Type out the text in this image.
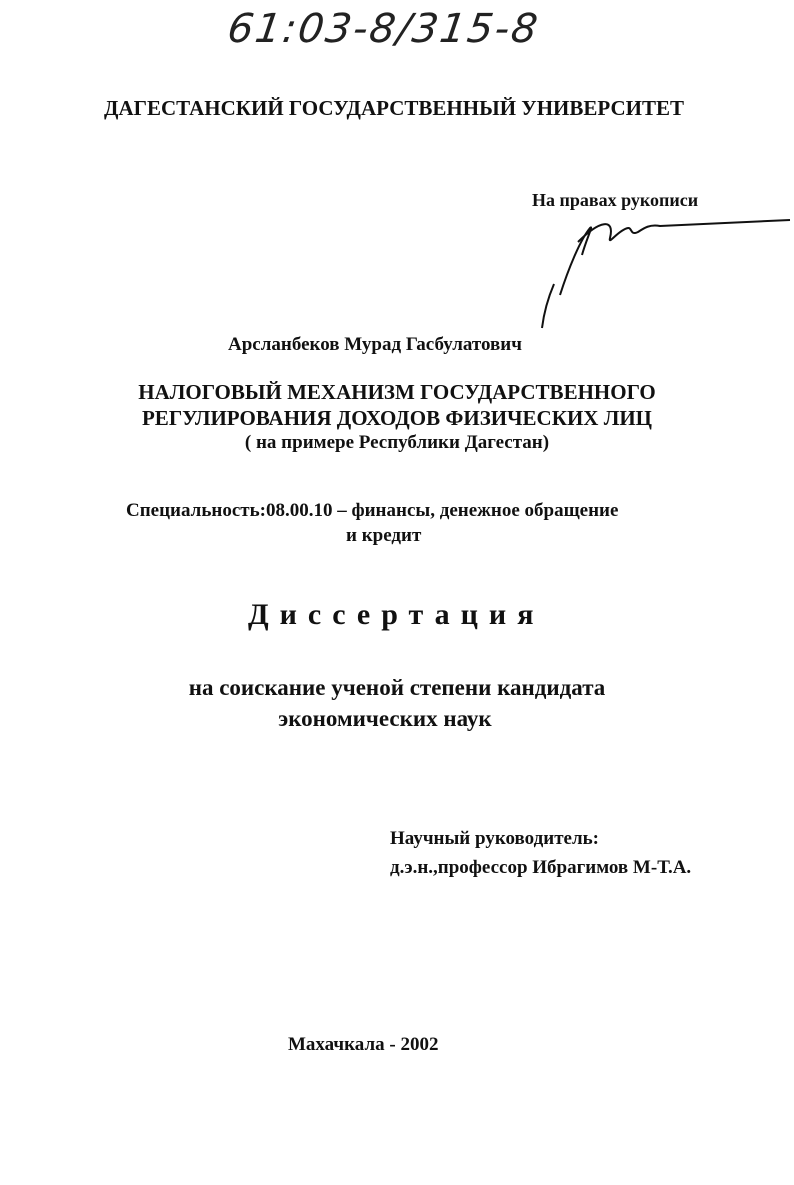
61:03-8/315-8
ДАГЕСТАНСКИЙ ГОСУДАРСТВЕННЫЙ УНИВЕРСИТЕТ
На правах рукописи
Арсланбеков Мурад Гасбулатович
НАЛОГОВЫЙ МЕХАНИЗМ ГОСУДАРСТВЕННОГО
РЕГУЛИРОВАНИЯ ДОХОДОВ ФИЗИЧЕСКИХ ЛИЦ
( на примере Республики Дагестан)
Специальность:08.00.10 – финансы, денежное обращение
и кредит
Диссертация
на соискание ученой степени кандидата
экономических наук
Научный руководитель:
д.э.н.,профессор Ибрагимов М-Т.А.
Махачкала - 2002
